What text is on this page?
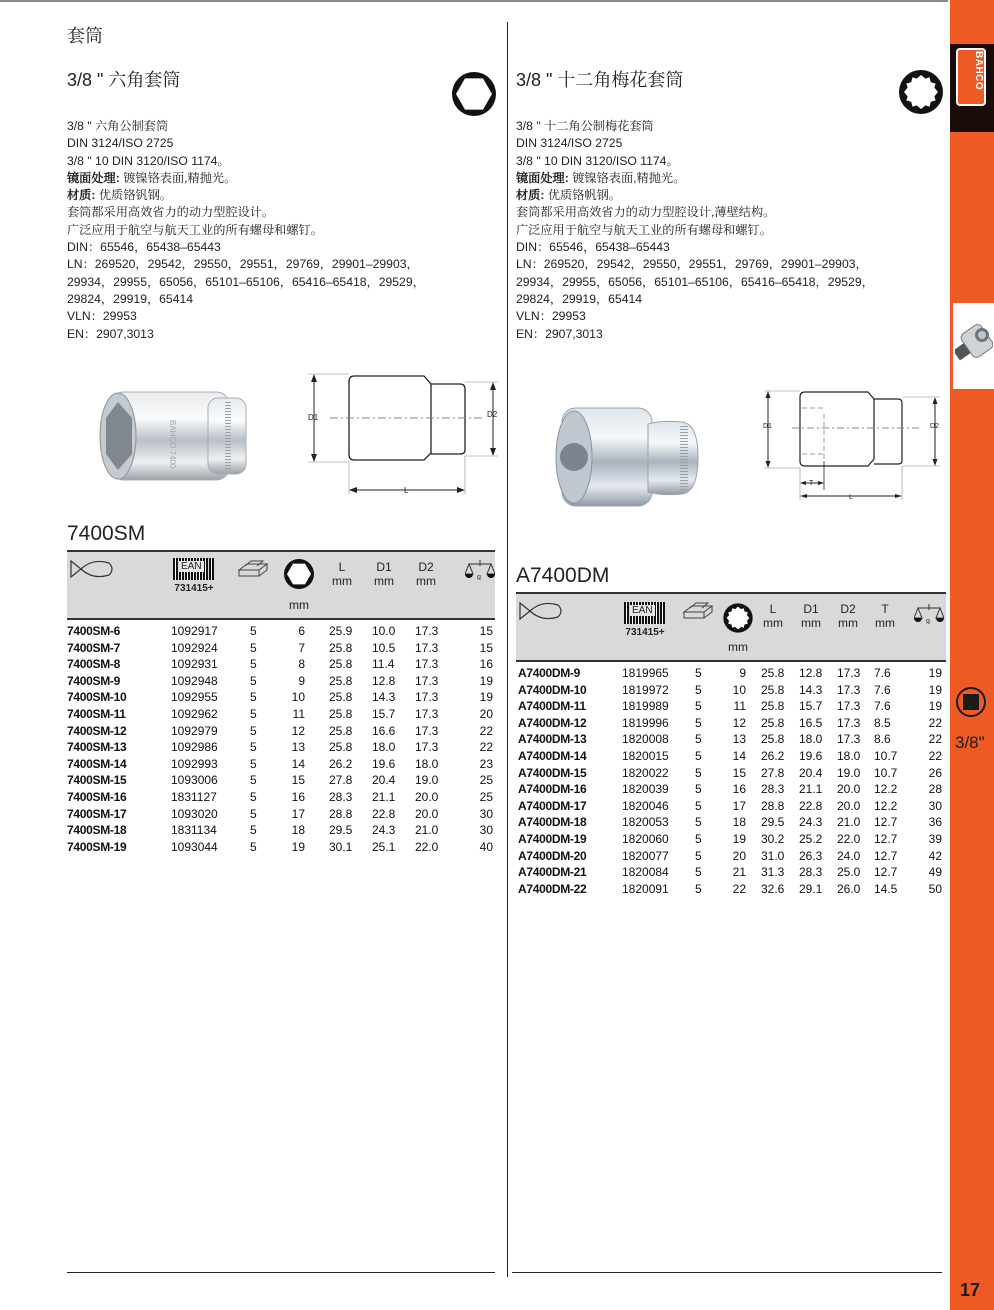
套筒
3/8 " 六角套筒
3/8 " 六角公制套筒
DIN 3124/ISO 2725
3/8 " 10 DIN 3120/ISO 1174。
镜面处理: 镀镍铬表面,精抛光。
材质: 优质铬钒钢。
套筒都采用高效省力的动力型腔设计。
广泛应用于航空与航天工业的所有螺母和螺钉。
DIN：65546，65438–65443
LN：269520，29542，29550，29551，29769，29901–29903，
29934，29955，65056，65101–65106，65416–65418，29529，
29824，29919，65414
VLN：29953
EN：2907,3013
BAHCO 7400
D1	D2
L
7400SM
EAN
731415+
mm
L
mm
D1
mm
D2
mm	g
7400SM-6	1092917	5	6 25.9 10.0 17.3	15
7400SM-7	1092924	5	7 25.8 10.5 17.3	15
7400SM-8	1092931	5	8 25.8 11.4 17.3	16
7400SM-9	1092948	5	9 25.8 12.8 17.3	19
7400SM-10	1092955	5	10 25.8 14.3 17.3	19
7400SM-11	1092962	5	11 25.8 15.7 17.3	20
7400SM-12	1092979	5	12 25.8 16.6 17.3	22
7400SM-13	1092986	5	13 25.8 18.0 17.3	22
7400SM-14	1092993	5	14 26.2 19.6 18.0	23
7400SM-15	1093006	5	15 27.8 20.4 19.0	25
7400SM-16	1831127	5	16 28.3 21.1 20.0	25
7400SM-17	1093020	5	17 28.8 22.8 20.0	30
7400SM-18	1831134	5	18 29.5 24.3 21.0	30
7400SM-19	1093044	5	19 30.1 25.1 22.0	40
3/8 " 十二角梅花套筒
3/8 " 十二角公制梅花套筒
DIN 3124/ISO 2725
3/8 " 10 DIN 3120/ISO 1174。
镜面处理: 镀镍铬表面,精抛光。
材质: 优质铬帆钢。
套筒都采用高效省力的动力型腔设计,薄壁结构。
广泛应用于航空与航天工业的所有螺母和螺钉。
DIN：65546，65438–65443
LN：269520，29542，29550，29551，29769，29901–29903，
29934，29955，65056，65101–65106，65416–65418，29529，
29824，29919，65414
VLN：29953
EN：2907,3013
D1	D2
T
L
A7400DM
EAN
731415+
mm
L
mm
D1
mm
D2
mm
T
mm	g
A7400DM-9	1819965 5	9 25.8 12.8 17.3 7.6	19
A7400DM-10	1819972 5	10 25.8 14.3 17.3 7.6	19
A7400DM-11	1819989 5	11 25.8 15.7 17.3 7.6	19
A7400DM-12	1819996 5	12 25.8 16.5 17.3 8.5	22
A7400DM-13	1820008 5	13 25.8 18.0 17.3 8.6	22
A7400DM-14	1820015 5	14 26.2 19.6 18.0 10.7	22
A7400DM-15	1820022 5	15 27.8 20.4 19.0 10.7	26
A7400DM-16	1820039 5	16 28.3 21.1 20.0 12.2	28
A7400DM-17	1820046 5	17 28.8 22.8 20.0 12.2	30
A7400DM-18	1820053 5	18 29.5 24.3 21.0 12.7	36
A7400DM-19	1820060 5	19 30.2 25.2 22.0 12.7	39
A7400DM-20	1820077 5	20 31.0 26.3 24.0 12.7	42
A7400DM-21	1820084 5	21 31.3 28.3 25.0 12.7	49
A7400DM-22	1820091 5	22 32.6 29.1 26.0 14.5	50
BAHCO
3/8"
17
